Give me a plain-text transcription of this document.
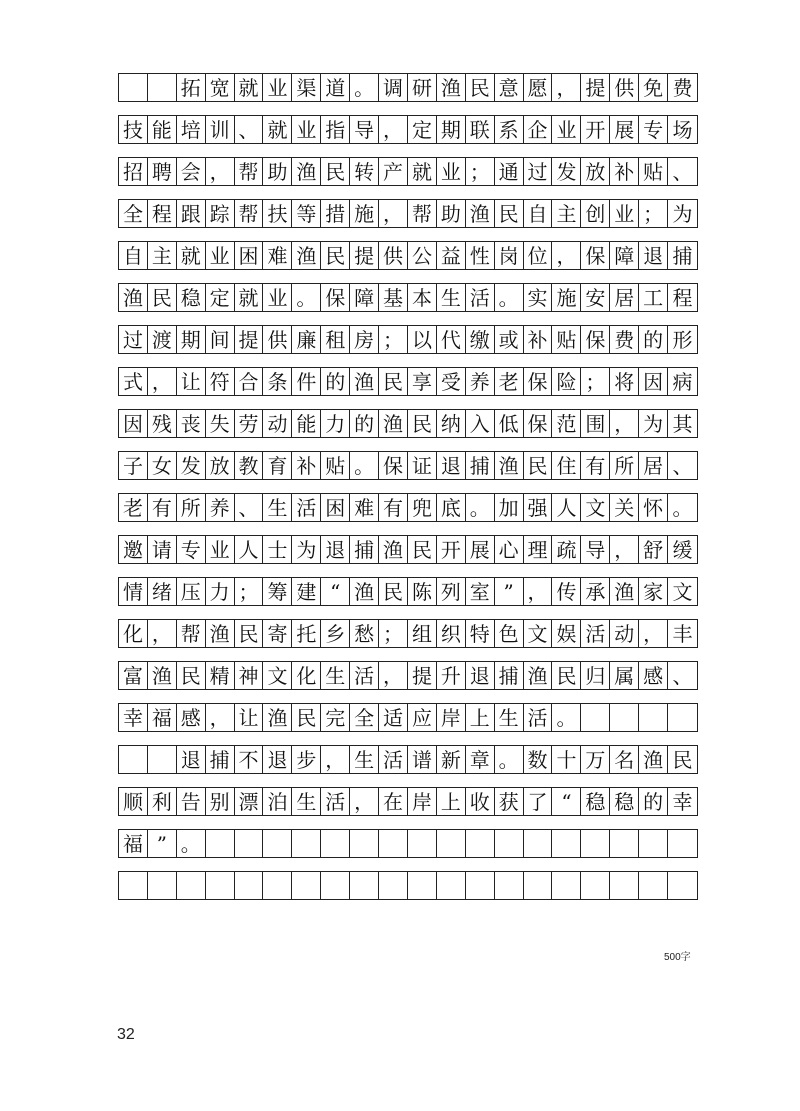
拓 宽 就 业 渠 道 。 调 研 渔 民 意 愿 ， 提 供 免 费
技 能 培 训 、 就 业 指 导 ， 定 期 联 系 企 业 开 展 专 场
招 聘 会 ， 帮 助 渔 民 转 产 就 业 ； 通 过 发 放 补 贴 、
全 程 跟 踪 帮 扶 等 措 施 ， 帮 助 渔 民 自 主 创 业 ； 为
自 主 就 业 困 难 渔 民 提 供 公 益 性 岗 位 ， 保 障 退 捕
渔 民 稳 定 就 业 。 保 障 基 本 生 活 。 实 施 安 居 工 程
过 渡 期 间 提 供 廉 租 房 ； 以 代 缴 或 补 贴 保 费 的 形
式 ， 让 符 合 条 件 的 渔 民 享 受 养 老 保 险 ； 将 因 病
因 残 丧 失 劳 动 能 力 的 渔 民 纳 入 低 保 范 围 ， 为 其
子 女 发 放 教 育 补 贴 。 保 证 退 捕 渔 民 住 有 所 居 、
老 有 所 养 、 生 活 困 难 有 兜 底 。 加 强 人 文 关 怀 。
邀 请 专 业 人 士 为 退 捕 渔 民 开 展 心 理 疏 导 ， 舒 缓
情 绪 压 力 ； 筹 建 “ 渔 民 陈 列 室 ” ， 传 承 渔 家 文
化 ， 帮 渔 民 寄 托 乡 愁 ； 组 织 特 色 文 娱 活 动 ， 丰
富 渔 民 精 神 文 化 生 活 ， 提 升 退 捕 渔 民 归 属 感 、
幸 福 感 ， 让 渔 民 完 全 适 应 岸 上 生 活 。
退 捕 不 退 步 ， 生 活 谱 新 章 。 数 十 万 名 渔 民
顺 利 告 别 漂 泊 生 活 ， 在 岸 上 收 获 了 “ 稳 稳 的 幸
福 ” 。
500字
32
